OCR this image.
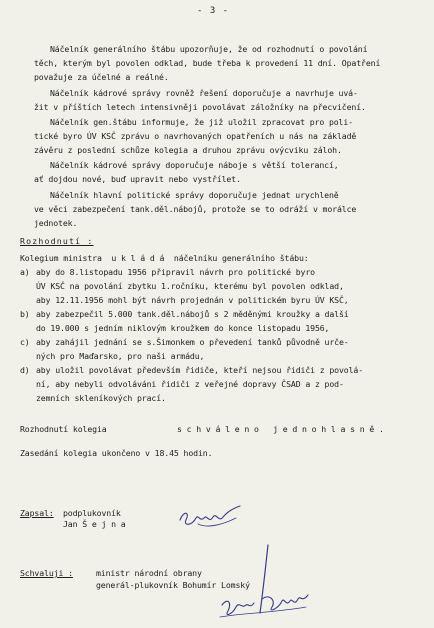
- 3 -
Náčelník generálního štábu upozorňuje, že od rozhodnutí o povolání
těch, kterým byl povolen odklad, bude třeba k provedení 11 dní. Opatření
považuje za účelné a reálné.
Náčelník kádrové správy rovněž řešení doporučuje a navrhuje uvá-
žit v příštích letech intensivněji povolávat záložníky na přecvičení.
Náčelník gen.štábu informuje, že již uložil zpracovat pro poli-
tické byro ÚV KSČ zprávu o navrhovaných opatřeních u nás na základě
závěru z poslední schůze kolegia a druhou zprávu ovýcviku záloh.
Náčelník kádrové správy doporučuje náboje s větší tolerancí,
ať dojdou nové, buď upravit nebo vystřílet.
Náčelník hlavní politické správy doporučuje jednat urychleně
ve věci zabezpečení tank.děl.nábojů, protože se to odráží v morálce
jednotek.
Rozhodnutí :
Kolegium ministra  u k l á d á  náčelníku generálního štábu:
a) aby do 8.listopadu 1956 připravil návrh pro politické byro
ÚV KSČ na povolání zbytku 1.ročníku, kterému byl povolen odklad,
aby 12.11.1956 mohl být návrh projednán v politickém byru ÚV KSČ,
b) aby zabezpečil 5.000 tank.děl.nábojů s 2 měděnými kroužky a další
do 19.000 s jedním niklovým kroužkem do konce listopadu 1956,
c) aby zahájil jednání se s.Šimonkem o převedení tanků původně urče-
ných pro Maďarsko, pro naši armádu,
d) aby uložil povolávat především řidiče, kteří nejsou řidiči z povolá-
ní, aby nebyli odvoláváni řidiči z veřejné dopravy ČSAD a z pod-
zemních skleníkových prací.
Rozhodnutí kolegia	s c h v á l e n o   j e d n o h l a s n ě .
Zasedání kolegia ukončeno v 18.45 hodin.
Zapsal: podplukovník
Jan Š e j n a
Schvaluji :	ministr národní obrany
generál-plukovník Bohumír Lomský
